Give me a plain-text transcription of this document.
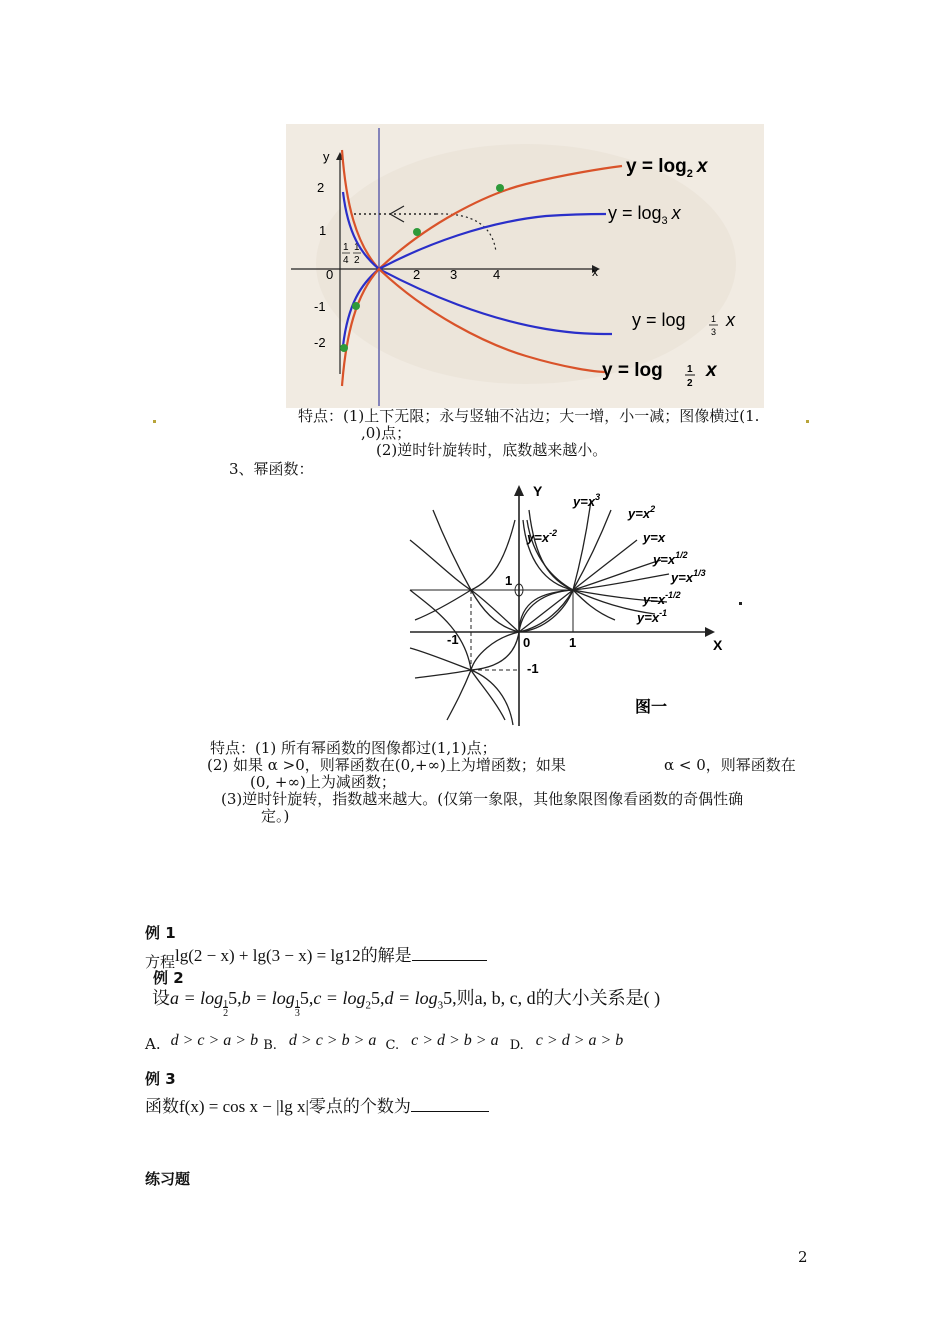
y
x
2
1
-1
-2
0	2 3	4
1
4
1
2
$y = \log_2 x$
$y = \log_3 x$
y = log	1
3
x
y = log 1
2
x
特点：(1)上下无限；永与竖轴不沾边；大一增，小一减；图像横过(1.
,0)点；
(2)逆时针旋转时，底数越来越小。
3、幂函数：
Y
X
0	1
-1
1
-1
$y=x^3$
$y=x^2$
$y=x^{-2}$	y=x
$y=x^{1/2}$
$y=x^{1/3}$
$y=x^{-1/2}$
$y=x^{-1}$
图一
特点：(1) 所有幂函数的图像都过(1,1)点；
(2) 如果 α >0，则幂函数在(0,+∞)上为增函数；如果	α < 0，则幂函数在
(0, +∞)上为减函数；
(3)逆时针旋转，指数越来越大。(仅第一象限，其他象限图像看函数的奇偶性确
定。)
例 1
方程lg(2 − x) + lg(3 − x) = lg12的解是
例 2
设a = log1
25,b = log1
$35,c = \log_25,d = \log_35$,则a, b, c, d的大小关系是( )
A. d > c > a > b $_{B.}$ d > c > b > a $_{C.}$ c > d > b > a $_{D.}$ c > d > a > b
例 3
函数f(x) = cos x − |lg x|零点的个数为
练习题
2
